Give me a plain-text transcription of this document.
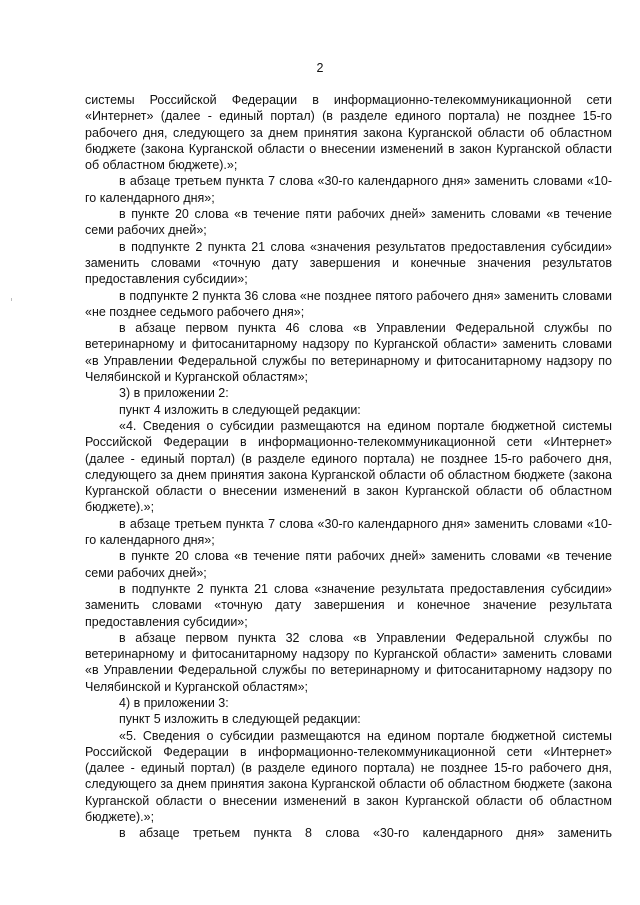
2

системы Российской Федерации в информационно-телекоммуникационной сети «Интернет» (далее - единый портал) (в разделе единого портала) не позднее 15-го рабочего дня, следующего за днем принятия закона Курганской области об областном бюджете (закона Курганской области о внесении изменений в закон Курганской области об областном бюджете).»;

в абзаце третьем пункта 7 слова «30-го календарного дня» заменить словами «10-го календарного дня»;

в пункте 20 слова «в течение пяти рабочих дней» заменить словами «в течение семи рабочих дней»;

в подпункте 2 пункта 21 слова «значения результатов предоставления субсидии» заменить словами «точную дату завершения и конечные значения результатов предоставления субсидии»;

в подпункте 2 пункта 36 слова «не позднее пятого рабочего дня» заменить словами «не позднее седьмого рабочего дня»;

в абзаце первом пункта 46 слова «в Управлении Федеральной службы по ветеринарному и фитосанитарному надзору по Курганской области» заменить словами «в Управлении Федеральной службы по ветеринарному и фитосанитарному надзору по Челябинской и Курганской областям»;

3) в приложении 2:

пункт 4 изложить в следующей редакции:

«4. Сведения о субсидии размещаются на едином портале бюджетной системы Российской Федерации в информационно-телекоммуникационной сети «Интернет» (далее - единый портал) (в разделе единого портала) не позднее 15-го рабочего дня, следующего за днем принятия закона Курганской области об областном бюджете (закона Курганской области о внесении изменений в закон Курганской области об областном бюджете).»;

в абзаце третьем пункта 7 слова «30-го календарного дня» заменить словами «10-го календарного дня»;

в пункте 20 слова «в течение пяти рабочих дней» заменить словами «в течение семи рабочих дней»;

в подпункте 2 пункта 21 слова «значение результата предоставления субсидии» заменить словами «точную дату завершения и конечное значение результата предоставления субсидии»;

в абзаце первом пункта 32 слова «в Управлении Федеральной службы по ветеринарному и фитосанитарному надзору по Курганской области» заменить словами «в Управлении Федеральной службы по ветеринарному и фитосанитарному надзору по Челябинской и Курганской областям»;

4) в приложении 3:

пункт 5 изложить в следующей редакции:

«5. Сведения о субсидии размещаются на едином портале бюджетной системы Российской Федерации в информационно-телекоммуникационной сети «Интернет» (далее - единый портал) (в разделе единого портала) не позднее 15-го рабочего дня, следующего за днем принятия закона Курганской области об областном бюджете (закона Курганской области о внесении изменений в закон Курганской области об областном бюджете).»;

в абзаце третьем пункта 8 слова «30-го календарного дня» заменить
